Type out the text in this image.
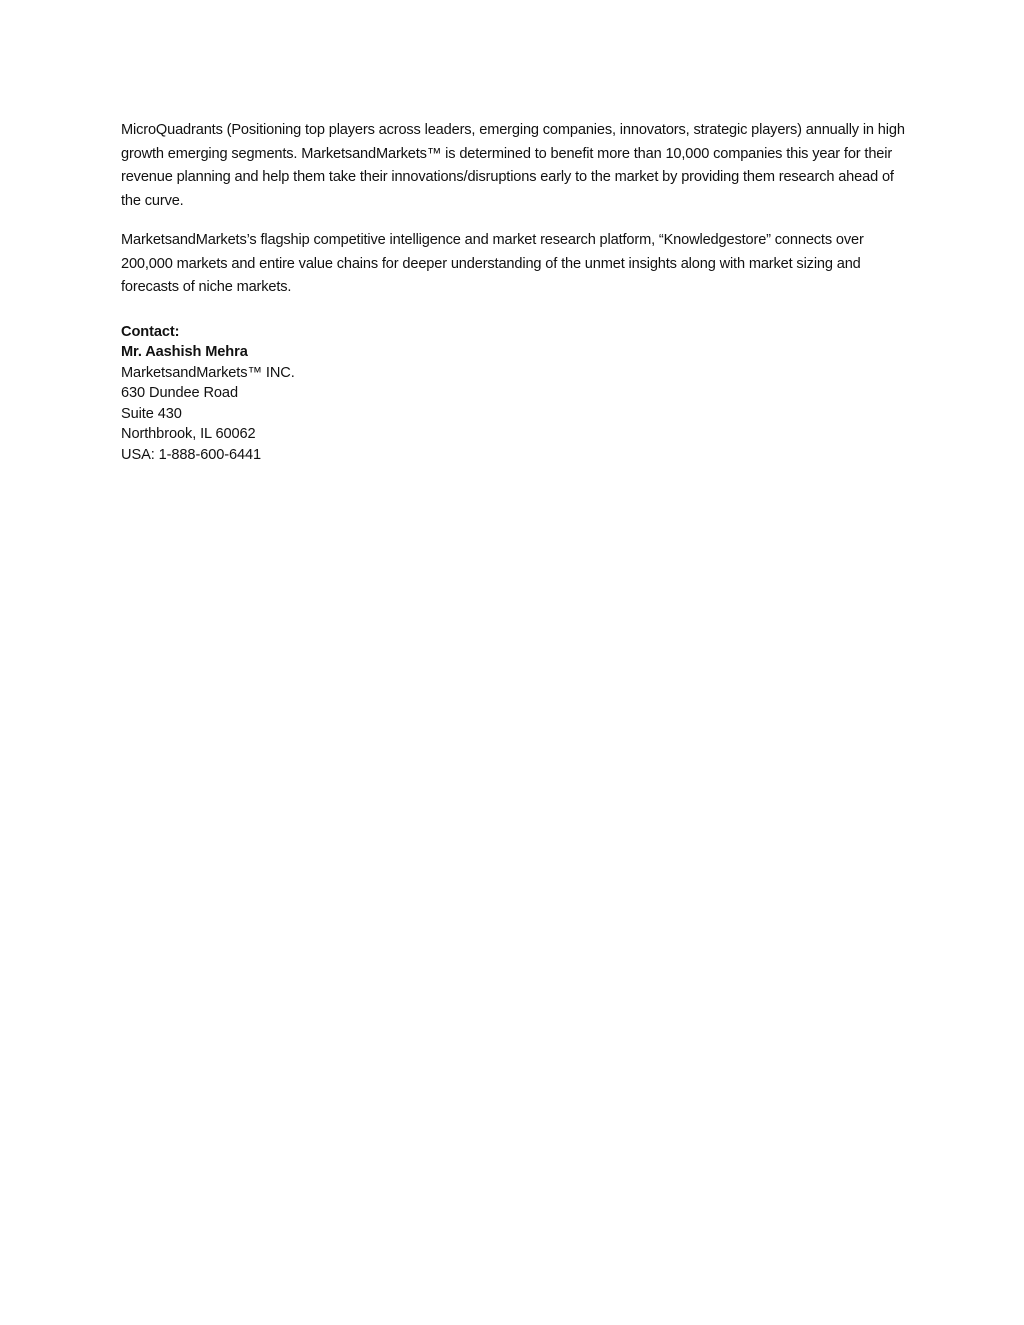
MicroQuadrants (Positioning top players across leaders, emerging companies, innovators, strategic players) annually in high growth emerging segments. MarketsandMarkets™ is determined to benefit more than 10,000 companies this year for their revenue planning and help them take their innovations/disruptions early to the market by providing them research ahead of the curve.

MarketsandMarkets’s flagship competitive intelligence and market research platform, “Knowledgestore” connects over 200,000 markets and entire value chains for deeper understanding of the unmet insights along with market sizing and forecasts of niche markets.

Contact:
Mr. Aashish Mehra
MarketsandMarkets™ INC.
630 Dundee Road
Suite 430
Northbrook, IL 60062
USA: 1-888-600-6441
